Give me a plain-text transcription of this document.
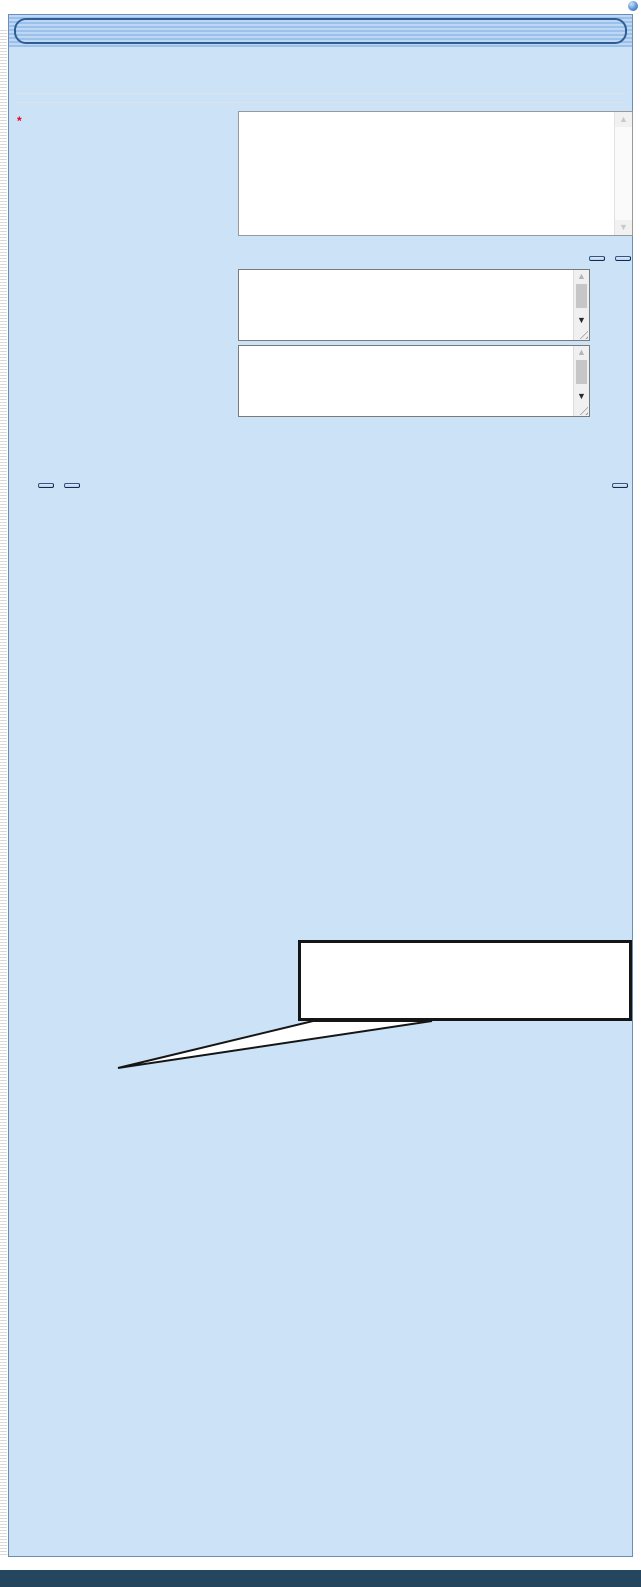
*	▲
▼

▲
▼
▲
▼
